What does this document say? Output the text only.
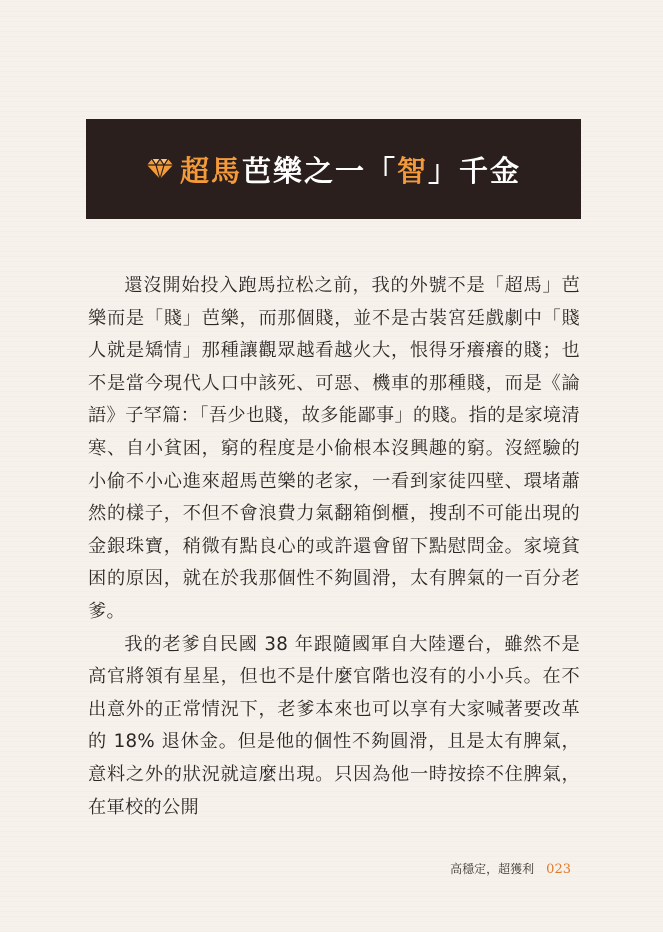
超馬 芭樂 之一「 智 」千金

還沒開始投入跑馬拉松之前，我的外號不是「超馬」芭樂而是「賤」芭樂，而那個賤，並不是古裝宮廷戲劇中「賤人就是矯情」那種讓觀眾越看越火大，恨得牙癢癢的賤；也不是當今現代人口中該死、可惡、機車的那種賤，而是《論語》子罕篇：「吾少也賤，故多能鄙事」的賤。指的是家境清寒、自小貧困，窮的程度是小偷根本沒興趣的窮。沒經驗的小偷不小心進來超馬芭樂的老家，一看到家徒四壁、環堵蕭然的樣子，不但不會浪費力氣翻箱倒櫃，搜刮不可能出現的金銀珠寶，稍微有點良心的或許還會留下點慰問金。家境貧困的原因，就在於我那個性不夠圓滑，太有脾氣的一百分老爹。

我的老爹自民國 38 年跟隨國軍自大陸遷台，雖然不是高官將領有星星，但也不是什麼官階也沒有的小小兵。在不出意外的正常情況下，老爹本來也可以享有大家喊著要改革的 18% 退休金。但是他的個性不夠圓滑，且是太有脾氣，意料之外的狀況就這麼出現。只因為他一時按捺不住脾氣，在軍校的公開

高穩定，超獲利 023
